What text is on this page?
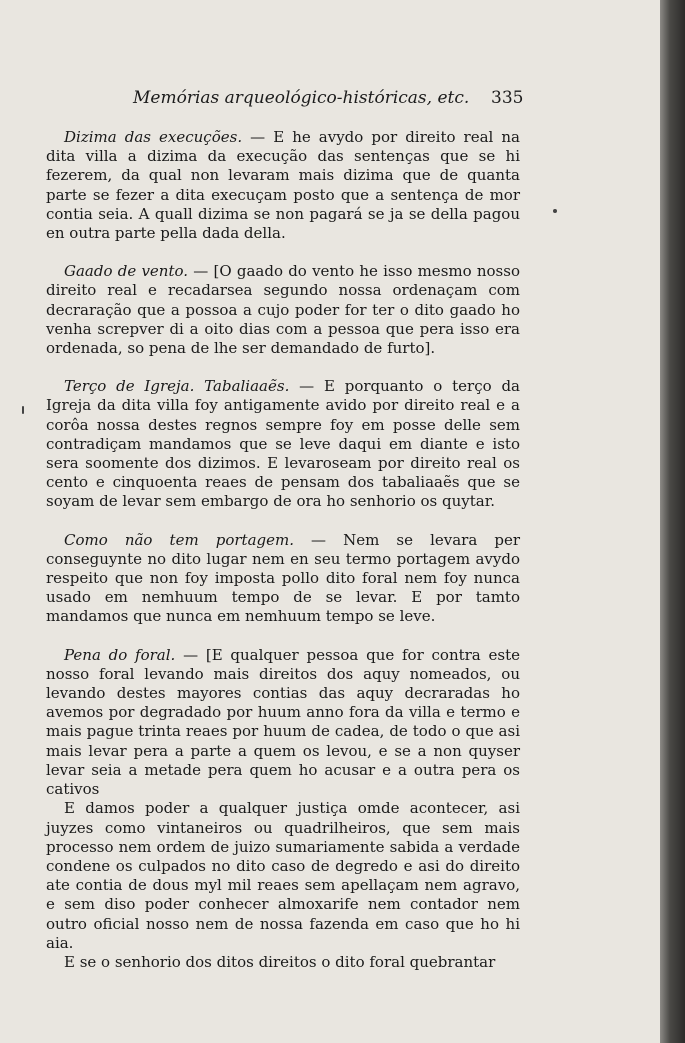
Memórias arqueológico-históricas, etc. 335

Dizima das execuções. — E he avydo por direito real na dita villa a dizima da execução das sentenças que se hi fezerem, da qual non levaram mais dizima que de quanta parte se fezer a dita execuçam posto que a sentença de mor contia seia. A quall dizima se non pagará se ja se della pagou en outra parte pella dada della.

Gaado de vento. — [O gaado do vento he isso mesmo nosso direito real e recadarsea segundo nossa ordenaçam com decraração que a possoa a cujo poder for ter o dito gaado ho venha screpver di a oito dias com a pessoa que pera isso era ordenada, so pena de lhe ser demandado de furto].

Terço de Igreja. Tabaliaaẽs. — E porquanto o terço da Igreja da dita villa foy antigamente avido por direito real e a corôa nossa destes regnos sempre foy em posse delle sem contradiçam mandamos que se leve daqui em diante e isto sera soomente dos dizimos. E levaroseam por direito real os cento e cinquoenta reaes de pensam dos tabaliaaẽs que se soyam de levar sem embargo de ora ho senhorio os quytar.

Como não tem portagem. — Nem se levara per conseguynte no dito lugar nem en seu termo portagem avydo respeito que non foy imposta pollo dito foral nem foy nunca usado em nemhuum tempo de se levar. E por tamto mandamos que nunca em nemhuum tempo se leve.

Pena do foral. — [E qualquer pessoa que for contra este nosso foral levando mais direitos dos aquy nomeados, ou levando destes mayores contias das aquy decraradas ho avemos por degradado por huum anno fora da villa e termo e mais pague trinta reaes por huum de cadea, de todo o que asi mais levar pera a parte a quem os levou, e se a non quyser levar seia a metade pera quem ho acusar e a outra pera os cativos

E damos poder a qualquer justiça omde acontecer, asi juyzes como vintaneiros ou quadrilheiros, que sem mais processo nem ordem de juizo sumariamente sabida a verdade condene os culpados no dito caso de degredo e asi do direito ate contia de dous myl mil reaes sem apellaçam nem agravo, e sem diso poder conhecer almoxarife nem contador nem outro oficial nosso nem de nossa fazenda em caso que ho hi aia.

E se o senhorio dos ditos direitos o dito foral quebrantar
